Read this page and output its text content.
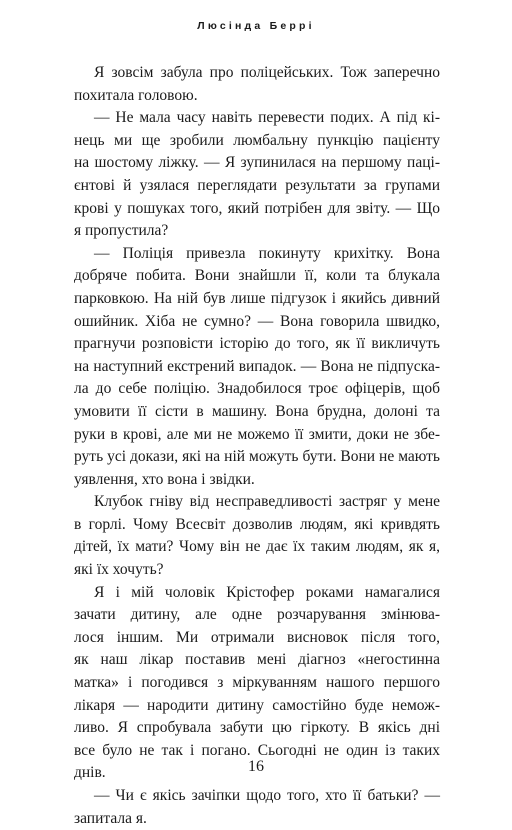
Люсінда Беррі
Я зовсім забула про поліцейських. Тож заперечно
похитала головою.
— Не мала часу навіть перевести подих. А під кі-
нець ми ще зробили люмбальну пункцію пацієнту
на шостому ліжку. — Я зупинилася на першому паці-
єнтові й узялася переглядати результати за групами
крові у пошуках того, який потрібен для звіту. — Що
я пропустила?
— Поліція привезла покинуту крихітку. Вона
добряче побита. Вони знайшли її, коли та блукала
парковкою. На ній був лише підгузок і якийсь дивний
ошийник. Хіба не сумно? — Вона говорила швидко,
прагнучи розповісти історію до того, як її викличуть
на наступний екстрений випадок. — Вона не підпуска-
ла до себе поліцію. Знадобилося троє офіцерів, щоб
умовити її сісти в машину. Вона брудна, долоні та
руки в крові, але ми не можемо її змити, доки не збе-
руть усі докази, які на ній можуть бути. Вони не мають
уявлення, хто вона і звідки.
Клубок гніву від несправедливості застряг у мене
в горлі. Чому Всесвіт дозволив людям, які кривдять
дітей, їх мати? Чому він не дає їх таким людям, як я,
які їх хочуть?
Я і мій чоловік Крістофер роками намагалися
зачати дитину, але одне розчарування змінюва-
лося іншим. Ми отримали висновок після того,
як наш лікар поставив мені діагноз «негостинна
матка» і погодився з міркуванням нашого першого
лікаря — народити дитину самостійно буде немож-
ливо. Я спробувала забути цю гіркоту. В якісь дні
все було не так і погано. Сьогодні не один із таких
днів.
— Чи є якісь зачіпки щодо того, хто її батьки? —
запитала я.
16
